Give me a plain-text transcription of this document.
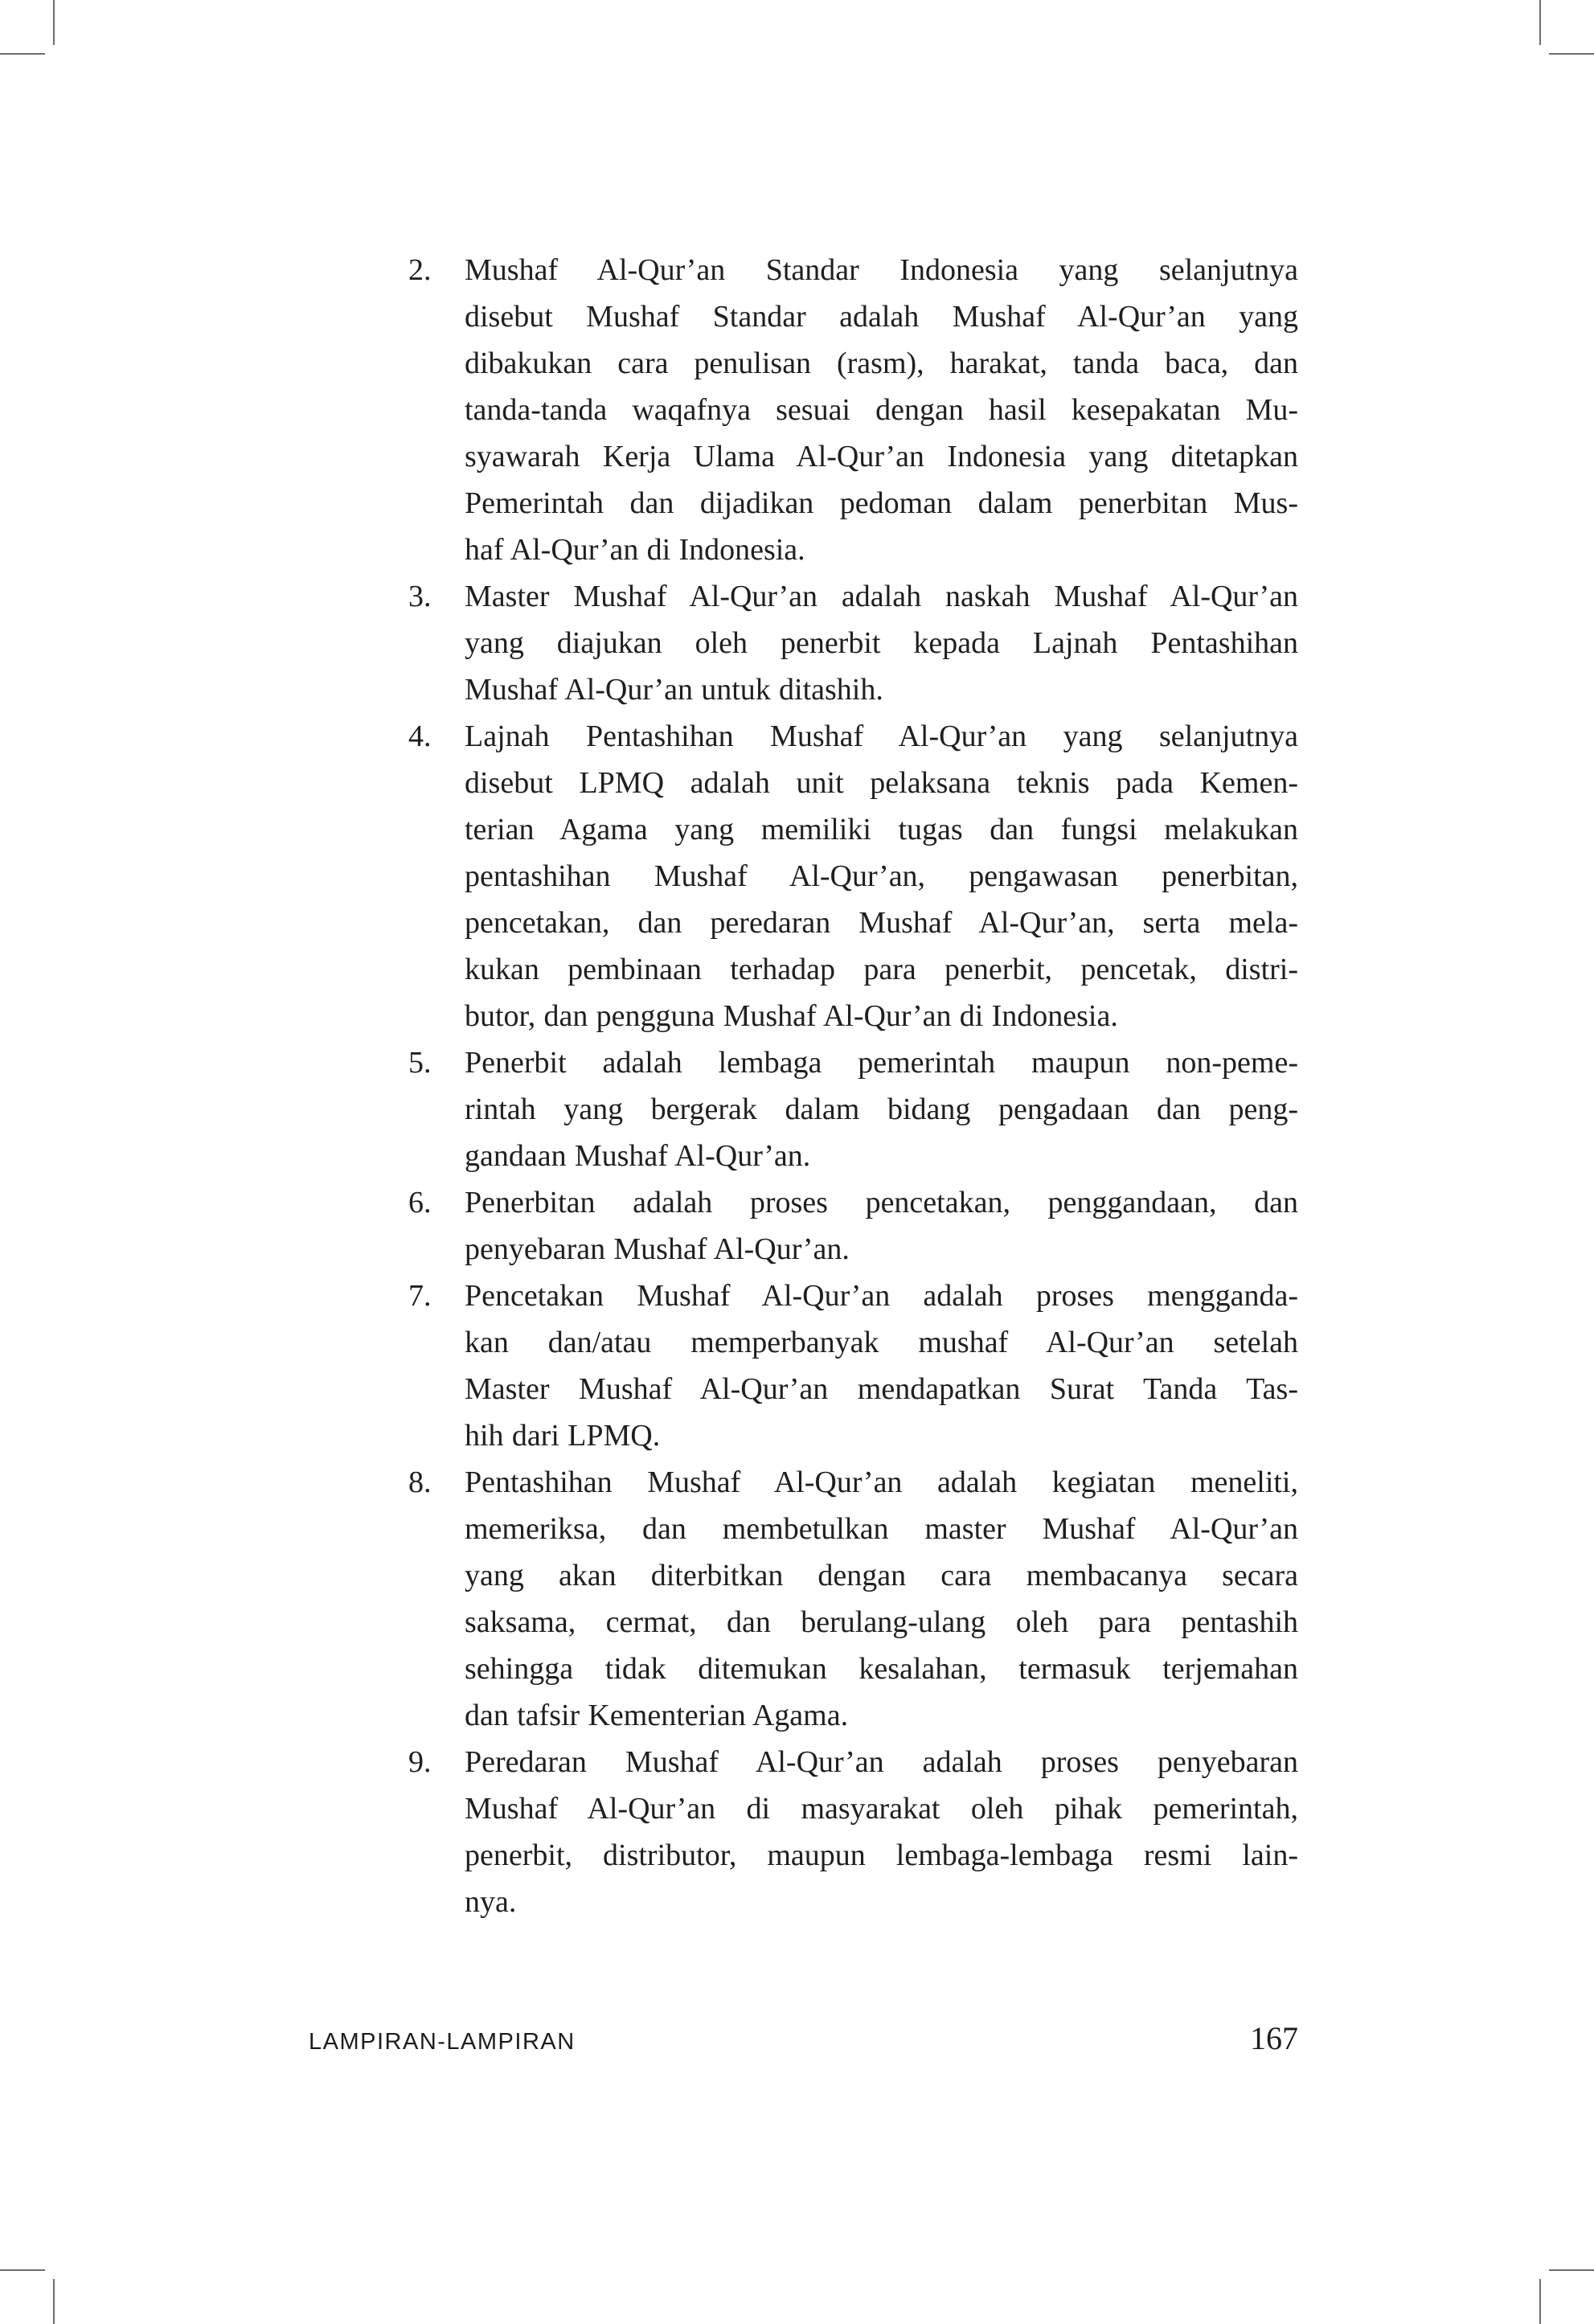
2.	Mushaf Al-Qur’an Standar Indonesia yang selanjutnya
disebut Mushaf Standar adalah Mushaf Al-Qur’an yang
dibakukan cara penulisan (rasm), harakat, tanda baca, dan
tanda-tanda waqafnya sesuai dengan hasil kesepakatan Mu-
syawarah Kerja Ulama Al-Qur’an Indonesia yang ditetapkan
Pemerintah dan dijadikan pedoman dalam penerbitan Mus-
haf Al-Qur’an di Indonesia.
3.	Master Mushaf Al-Qur’an adalah naskah Mushaf Al-Qur’an
yang diajukan oleh penerbit kepada Lajnah Pentashihan
Mushaf Al-Qur’an untuk ditashih.
4.	Lajnah Pentashihan Mushaf Al-Qur’an yang selanjutnya
disebut LPMQ adalah unit pelaksana teknis pada Kemen-
terian Agama yang memiliki tugas dan fungsi melakukan
pentashihan Mushaf Al-Qur’an, pengawasan penerbitan,
pencetakan, dan peredaran Mushaf Al-Qur’an, serta mela-
kukan pembinaan terhadap para penerbit, pencetak, distri-
butor, dan pengguna Mushaf Al-Qur’an di Indonesia.
5.	Penerbit adalah lembaga pemerintah maupun non-peme-
rintah yang bergerak dalam bidang pengadaan dan peng-
gandaan Mushaf Al-Qur’an.
6.	Penerbitan adalah proses pencetakan, penggandaan, dan
penyebaran Mushaf Al-Qur’an.
7.	Pencetakan Mushaf Al-Qur’an adalah proses mengganda-
kan dan/atau memperbanyak mushaf Al-Qur’an setelah
Master Mushaf Al-Qur’an mendapatkan Surat Tanda Tas-
hih dari LPMQ.
8.	Pentashihan Mushaf Al-Qur’an adalah kegiatan meneliti,
memeriksa, dan membetulkan master Mushaf Al-Qur’an
yang akan diterbitkan dengan cara membacanya secara
saksama, cermat, dan berulang-ulang oleh para pentashih
sehingga tidak ditemukan kesalahan, termasuk terjemahan
dan tafsir Kementerian Agama.
9.	Peredaran Mushaf Al-Qur’an adalah proses penyebaran
Mushaf Al-Qur’an di masyarakat oleh pihak pemerintah,
penerbit, distributor, maupun lembaga-lembaga resmi lain-
nya.
LAMPIRAN-LAMPIRAN	167
